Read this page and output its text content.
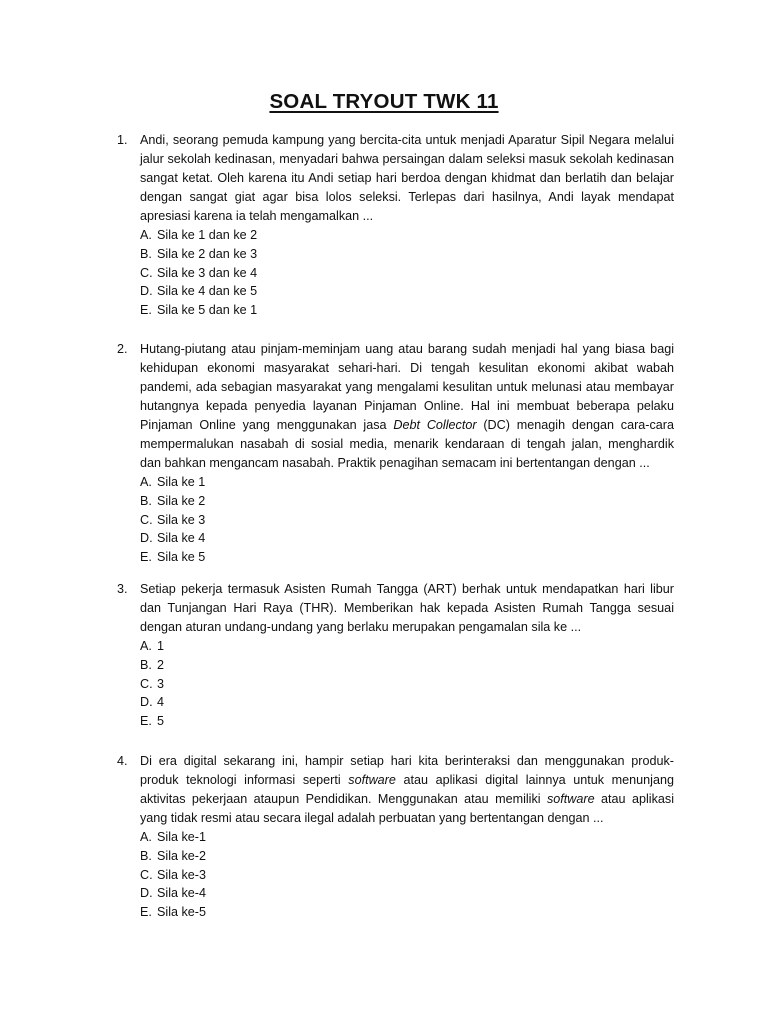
SOAL TRYOUT TWK 11
1. Andi, seorang pemuda kampung yang bercita-cita untuk menjadi Aparatur Sipil Negara melalui
jalur sekolah kedinasan, menyadari bahwa persaingan dalam seleksi masuk sekolah kedinasan
sangat ketat. Oleh karena itu Andi setiap hari berdoa dengan khidmat dan berlatih dan belajar
dengan sangat giat agar bisa lolos seleksi. Terlepas dari hasilnya, Andi layak mendapat
apresiasi karena ia telah mengamalkan ...
A. Sila ke 1 dan ke 2
B. Sila ke 2 dan ke 3
C. Sila ke 3 dan ke 4
D. Sila ke 4 dan ke 5
E. Sila ke 5 dan ke 1
2. Hutang-piutang atau pinjam-meminjam uang atau barang sudah menjadi hal yang biasa bagi
kehidupan ekonomi masyarakat sehari-hari. Di tengah kesulitan ekonomi akibat wabah
pandemi, ada sebagian masyarakat yang mengalami kesulitan untuk melunasi atau membayar
hutangnya kepada penyedia layanan Pinjaman Online. Hal ini membuat beberapa pelaku
Pinjaman Online yang menggunakan jasa Debt Collector (DC) menagih dengan cara-cara
mempermalukan nasabah di sosial media, menarik kendaraan di tengah jalan, menghardik
dan bahkan mengancam nasabah. Praktik penagihan semacam ini bertentangan dengan ...
A. Sila ke 1
B. Sila ke 2
C. Sila ke 3
D. Sila ke 4
E. Sila ke 5
3. Setiap pekerja termasuk Asisten Rumah Tangga (ART) berhak untuk mendapatkan hari libur
dan Tunjangan Hari Raya (THR). Memberikan hak kepada Asisten Rumah Tangga sesuai
dengan aturan undang-undang yang berlaku merupakan pengamalan sila ke ...
A. 1
B. 2
C. 3
D. 4
E. 5
4. Di era digital sekarang ini, hampir setiap hari kita berinteraksi dan menggunakan produk-
produk teknologi informasi seperti software atau aplikasi digital lainnya untuk menunjang
aktivitas pekerjaan ataupun Pendidikan. Menggunakan atau memiliki software atau aplikasi
yang tidak resmi atau secara ilegal adalah perbuatan yang bertentangan dengan ...
A. Sila ke-1
B. Sila ke-2
C. Sila ke-3
D. Sila ke-4
E. Sila ke-5
